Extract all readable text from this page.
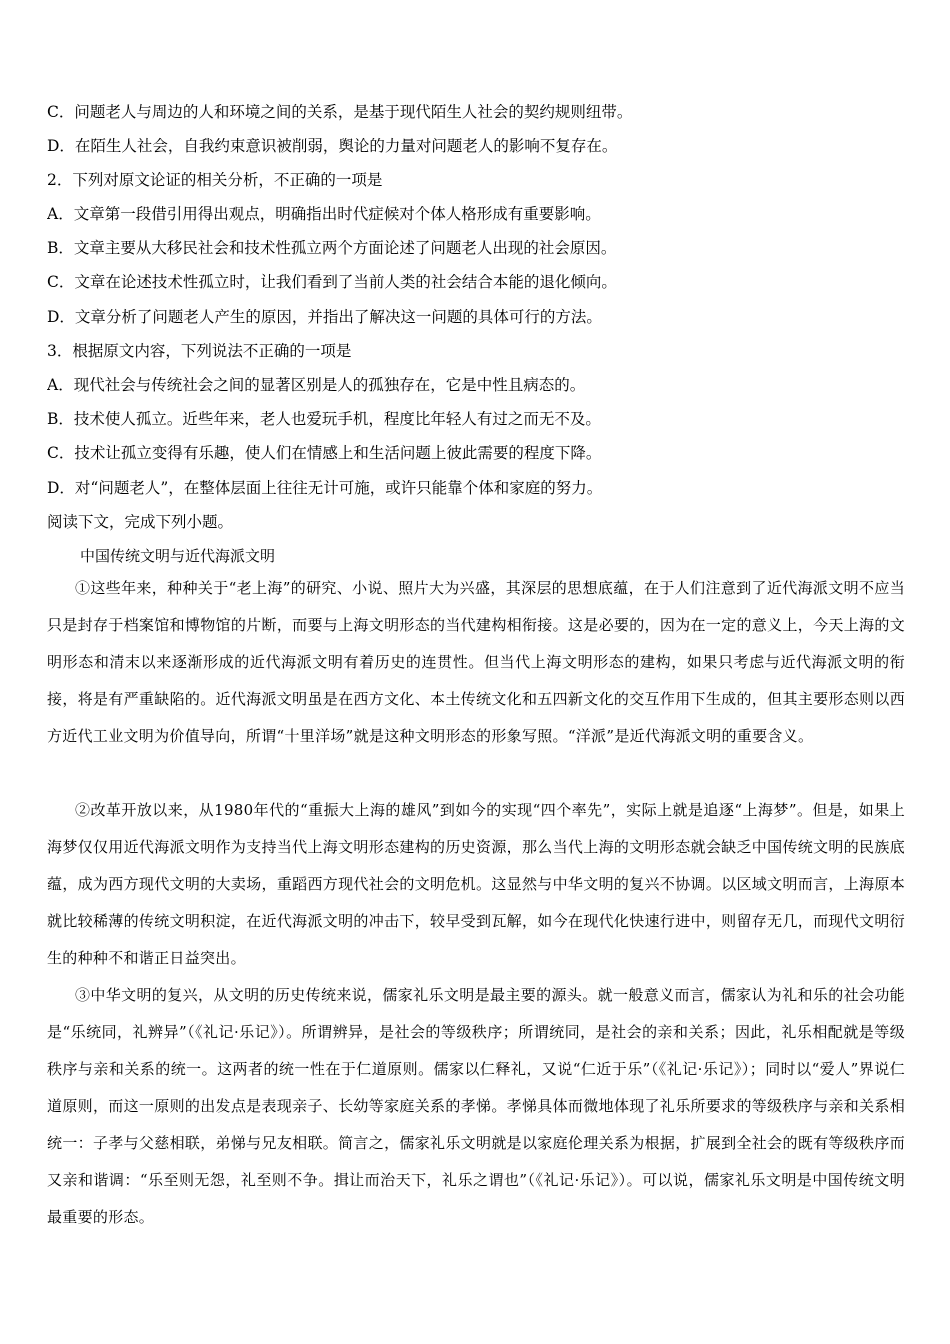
C．问题老人与周边的人和环境之间的关系，是基于现代陌生人社会的契约规则纽带。
D．在陌生人社会，自我约束意识被削弱，舆论的力量对问题老人的影响不复存在。
2．下列对原文论证的相关分析，不正确的一项是
A．文章第一段借引用得出观点，明确指出时代症候对个体人格形成有重要影响。
B．文章主要从大移民社会和技术性孤立两个方面论述了问题老人出现的社会原因。
C．文章在论述技术性孤立时，让我们看到了当前人类的社会结合本能的退化倾向。
D．文章分析了问题老人产生的原因，并指出了解决这一问题的具体可行的方法。
3．根据原文内容，下列说法不正确的一项是
A．现代社会与传统社会之间的显著区别是人的孤独存在，它是中性且病态的。
B．技术使人孤立。近些年来，老人也爱玩手机，程度比年轻人有过之而无不及。
C．技术让孤立变得有乐趣，使人们在情感上和生活问题上彼此需要的程度下降。
D．对“问题老人”，在整体层面上往往无计可施，或许只能靠个体和家庭的努力。
阅读下文，完成下列小题。
中国传统文明与近代海派文明

①这些年来，种种关于“老上海”的研究、小说、照片大为兴盛，其深层的思想底蕴，在于人们注意到了近代海派文明不应当只是封存于档案馆和博物馆的片断，而要与上海文明形态的当代建构相衔接。这是必要的，因为在一定的意义上，今天上海的文明形态和清末以来逐渐形成的近代海派文明有着历史的连贯性。但当代上海文明形态的建构，如果只考虑与近代海派文明的衔接，将是有严重缺陷的。近代海派文明虽是在西方文化、本土传统文化和五四新文化的交互作用下生成的，但其主要形态则以西方近代工业文明为价值导向，所谓“十里洋场”就是这种文明形态的形象写照。“洋派”是近代海派文明的重要含义。

②改革开放以来，从1980年代的“重振大上海的雄风”到如今的实现“四个率先”，实际上就是追逐“上海梦”。但是，如果上海梦仅仅用近代海派文明作为支持当代上海文明形态建构的历史资源，那么当代上海的文明形态就会缺乏中国传统文明的民族底蕴，成为西方现代文明的大卖场，重蹈西方现代社会的文明危机。这显然与中华文明的复兴不协调。以区域文明而言，上海原本就比较稀薄的传统文明积淀，在近代海派文明的冲击下，较早受到瓦解，如今在现代化快速行进中，则留存无几，而现代文明衍生的种种不和谐正日益突出。

③中华文明的复兴，从文明的历史传统来说，儒家礼乐文明是最主要的源头。就一般意义而言，儒家认为礼和乐的社会功能是“乐统同，礼辨异”（《礼记·乐记》）。所谓辨异，是社会的等级秩序；所谓统同，是社会的亲和关系；因此，礼乐相配就是等级秩序与亲和关系的统一。这两者的统一性在于仁道原则。儒家以仁释礼，又说“仁近于乐”（《礼记·乐记》）；同时以“爱人”界说仁道原则，而这一原则的出发点是表现亲子、长幼等家庭关系的孝悌。孝悌具体而微地体现了礼乐所要求的等级秩序与亲和关系相统一：子孝与父慈相联，弟悌与兄友相联。简言之，儒家礼乐文明就是以家庭伦理关系为根据，扩展到全社会的既有等级秩序而又亲和谐调：“乐至则无怨，礼至则不争。揖让而治天下，礼乐之谓也”（《礼记·乐记》）。可以说，儒家礼乐文明是中国传统文明最重要的形态。
